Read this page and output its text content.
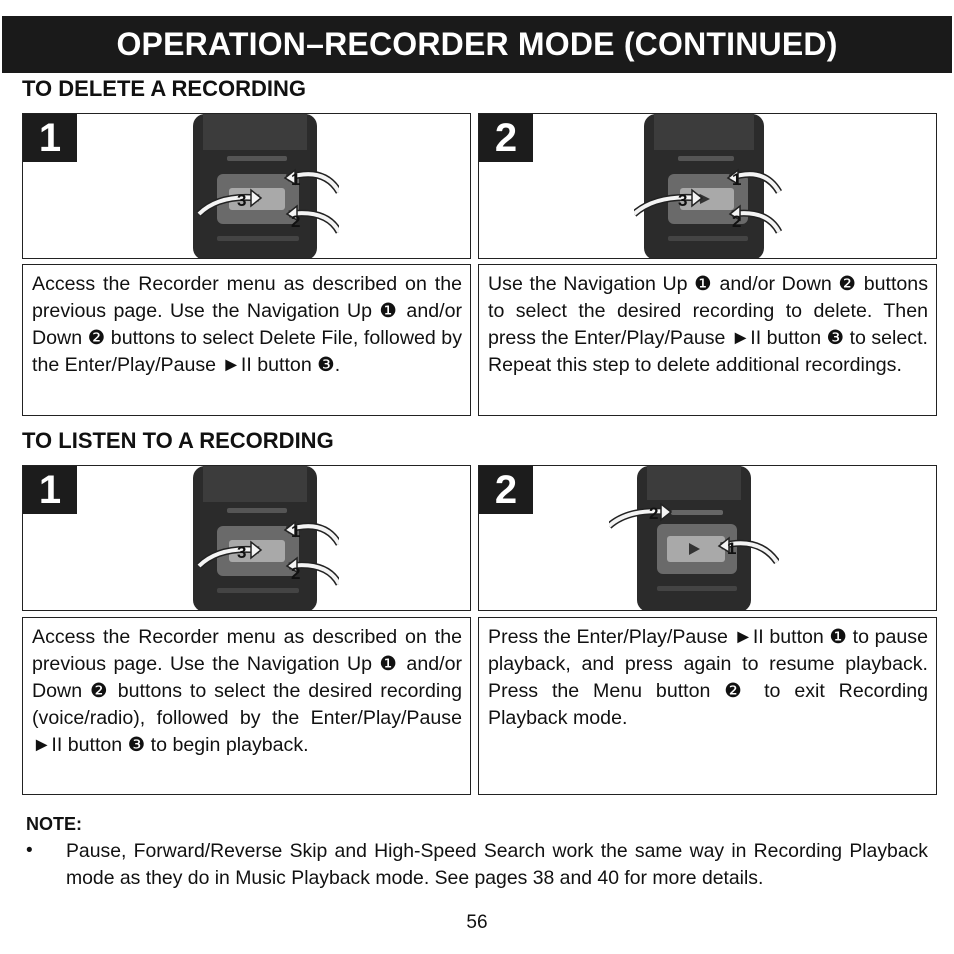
OPERATION–RECORDER MODE (CONTINUED)
TO DELETE A RECORDING
1
1
2
3
2
1
2
3
Access the Recorder menu as described on the previous page. Use the Navigation Up ❶ and/or Down ❷ buttons to select Delete File, followed by the Enter/Play/Pause ►II button ❸.
Use the Navigation Up ❶ and/or Down ❷ buttons to select the desired recording to delete. Then press the Enter/Play/Pause ►II button ❸ to select. Repeat this step to delete additional recordings.
TO LISTEN TO A RECORDING
1
1
2
3
2
2
1
Access the Recorder menu as described on the previous page. Use the Navigation Up ❶ and/or Down ❷ buttons to select the desired recording (voice/radio), followed by the Enter/Play/Pause ►II button ❸ to begin playback.
Press the Enter/Play/Pause ►II button ❶ to pause playback, and press again to resume playback. Press the Menu button ❷ to exit Recording Playback mode.
NOTE:
• Pause, Forward/Reverse Skip and High-Speed Search work the same way in Recording Playback mode as they do in Music Playback mode. See pages 38 and 40 for more details.
56
